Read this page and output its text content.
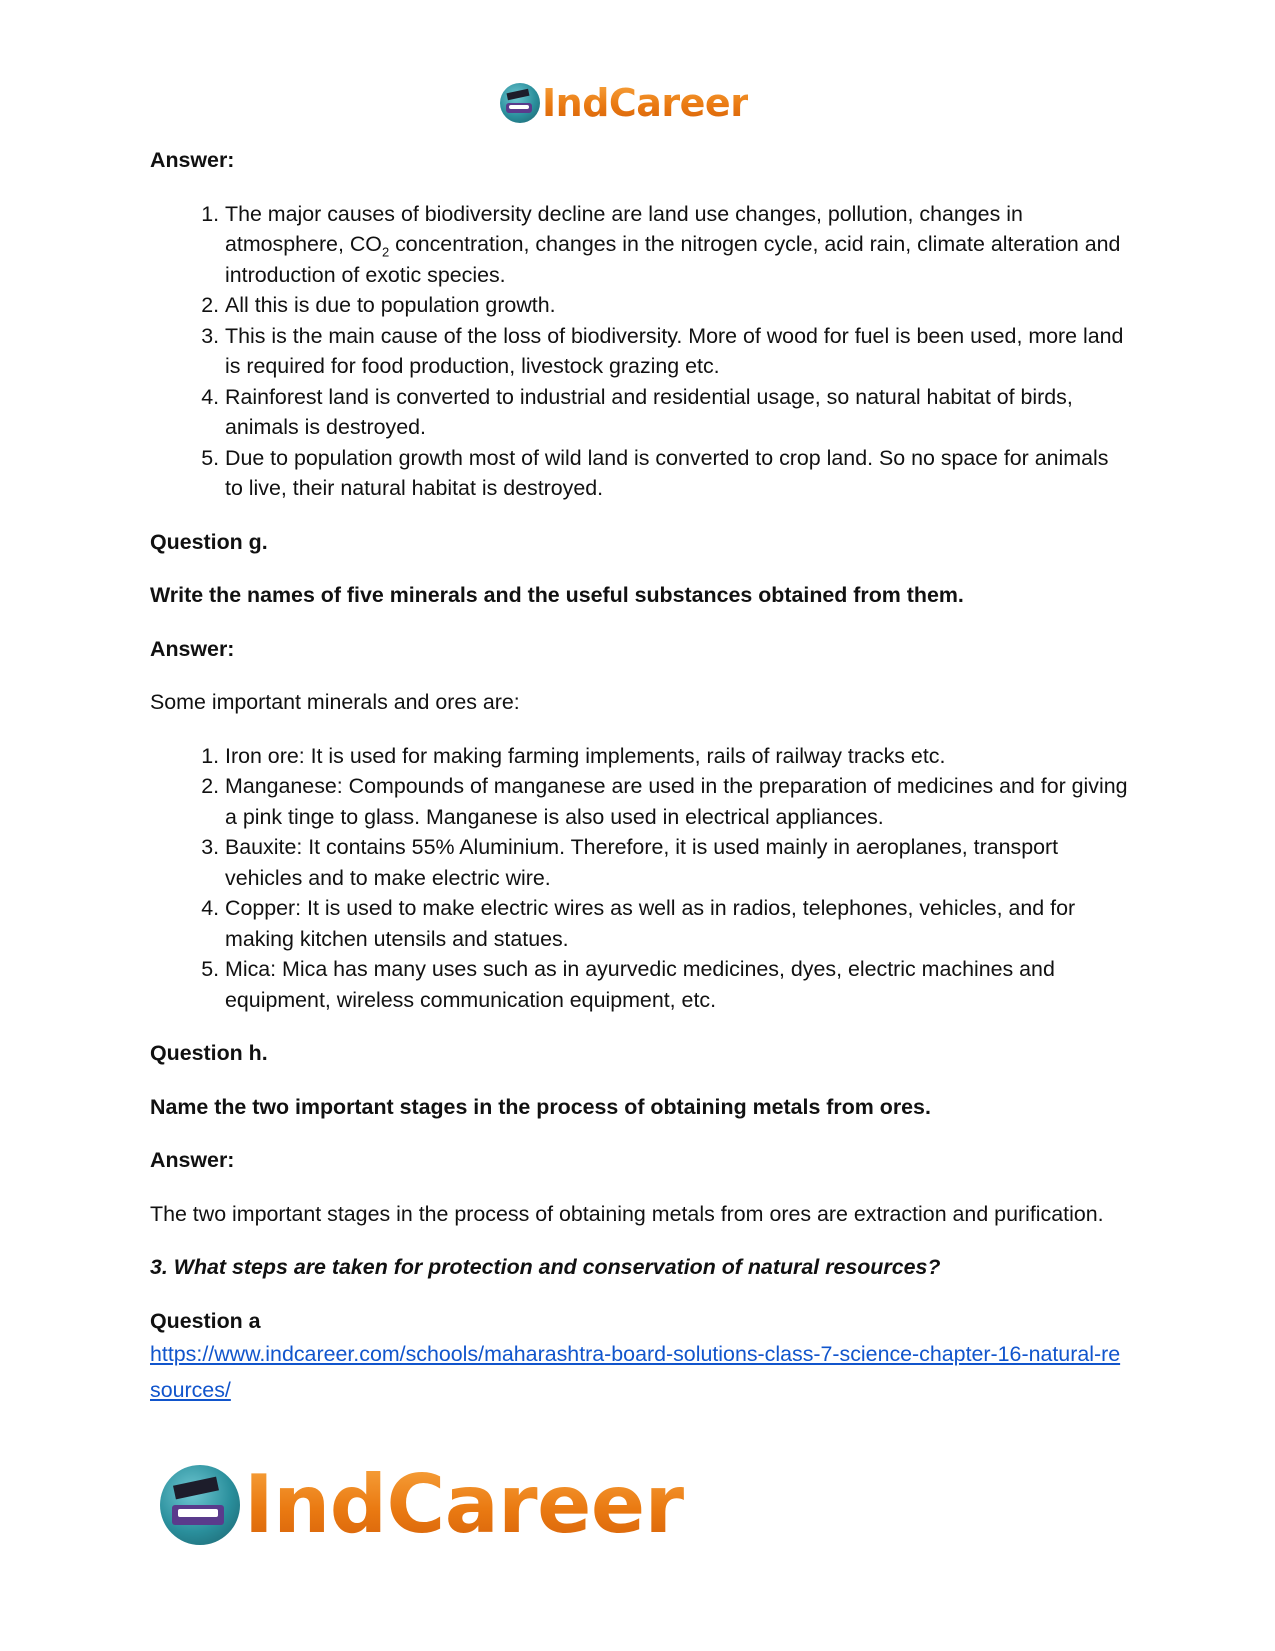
IndCareer

Answer:

1. The major causes of biodiversity decline are land use changes, pollution, changes in atmosphere, $CO_2$ concentration, changes in the nitrogen cycle, acid rain, climate alteration and introduction of exotic species.
2. All this is due to population growth.
3. This is the main cause of the loss of biodiversity. More of wood for fuel is been used, more land is required for food production, livestock grazing etc.
4. Rainforest land is converted to industrial and residential usage, so natural habitat of birds, animals is destroyed.
5. Due to population growth most of wild land is converted to crop land. So no space for animals to live, their natural habitat is destroyed.

Question g.

Write the names of five minerals and the useful substances obtained from them.

Answer:

Some important minerals and ores are:

1. Iron ore: It is used for making farming implements, rails of railway tracks etc.
2. Manganese: Compounds of manganese are used in the preparation of medicines and for giving a pink tinge to glass. Manganese is also used in electrical appliances.
3. Bauxite: It contains 55% Aluminium. Therefore, it is used mainly in aeroplanes, transport vehicles and to make electric wire.
4. Copper: It is used to make electric wires as well as in radios, telephones, vehicles, and for making kitchen utensils and statues.
5. Mica: Mica has many uses such as in ayurvedic medicines, dyes, electric machines and equipment, wireless communication equipment, etc.

Question h.

Name the two important stages in the process of obtaining metals from ores.

Answer:

The two important stages in the process of obtaining metals from ores are extraction and purification.

3. What steps are taken for protection and conservation of natural resources?

Question a

https://www.indcareer.com/schools/maharashtra-board-solutions-class-7-science-chapter-16-natural-resources/
IndCareer
